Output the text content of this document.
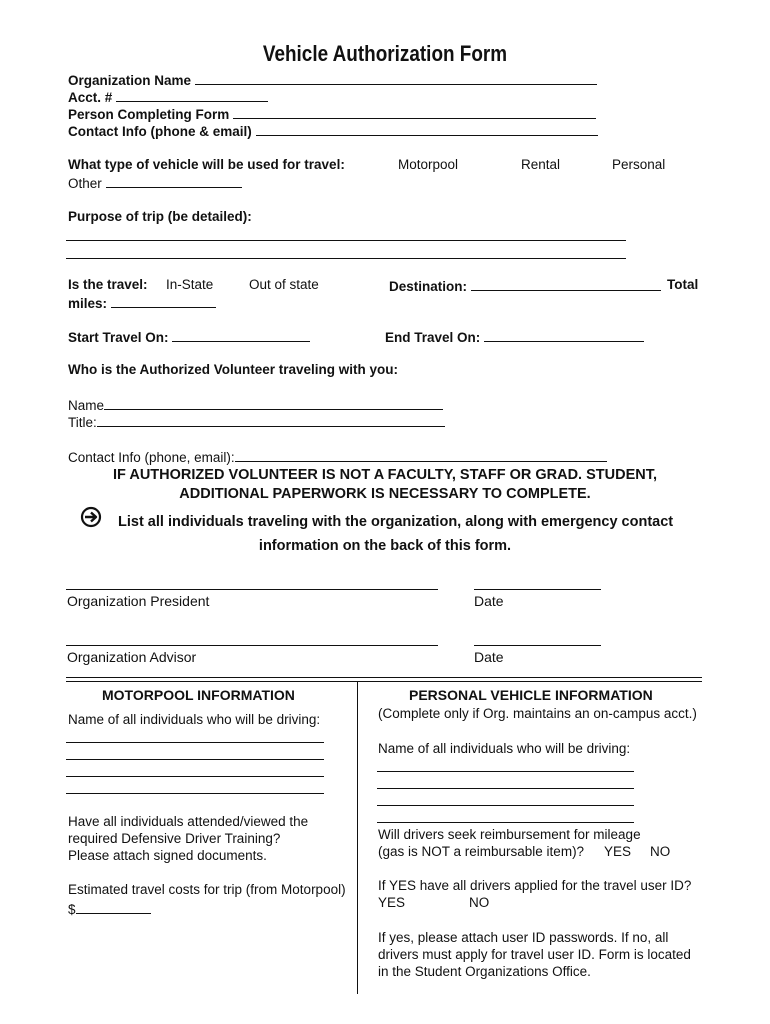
Vehicle Authorization Form
Organization Name
Acct. #
Person Completing Form
Contact Info (phone & email)
What type of vehicle will be used for travel:	Motorpool	Rental	Personal
Other
Purpose of trip (be detailed):
Is the travel: In-State	Out of state	Destination:	Total
miles:
Start Travel On:	End Travel On:
Who is the Authorized Volunteer traveling with you:
Name
Title:
Contact Info (phone, email):
IF AUTHORIZED VOLUNTEER IS NOT A FACULTY, STAFF OR GRAD. STUDENT,
ADDITIONAL PAPERWORK IS NECESSARY TO COMPLETE.
List all individuals traveling with the organization, along with emergency contact
information on the back of this form.
Organization President	Date
Organization Advisor	Date
MOTORPOOL INFORMATION
Name of all individuals who will be driving:
Have all individuals attended/viewed the
required Defensive Driver Training?
Please attach signed documents.
Estimated travel costs for trip (from Motorpool)
$
PERSONAL VEHICLE INFORMATION
(Complete only if Org. maintains an on-campus acct.)
Name of all individuals who will be driving:
Will drivers seek reimbursement for mileage
(gas is NOT a reimbursable item)? YES NO
If YES have all drivers applied for the travel user ID?
YES	NO
If yes, please attach user ID passwords. If no, all
drivers must apply for travel user ID. Form is located
in the Student Organizations Office.
